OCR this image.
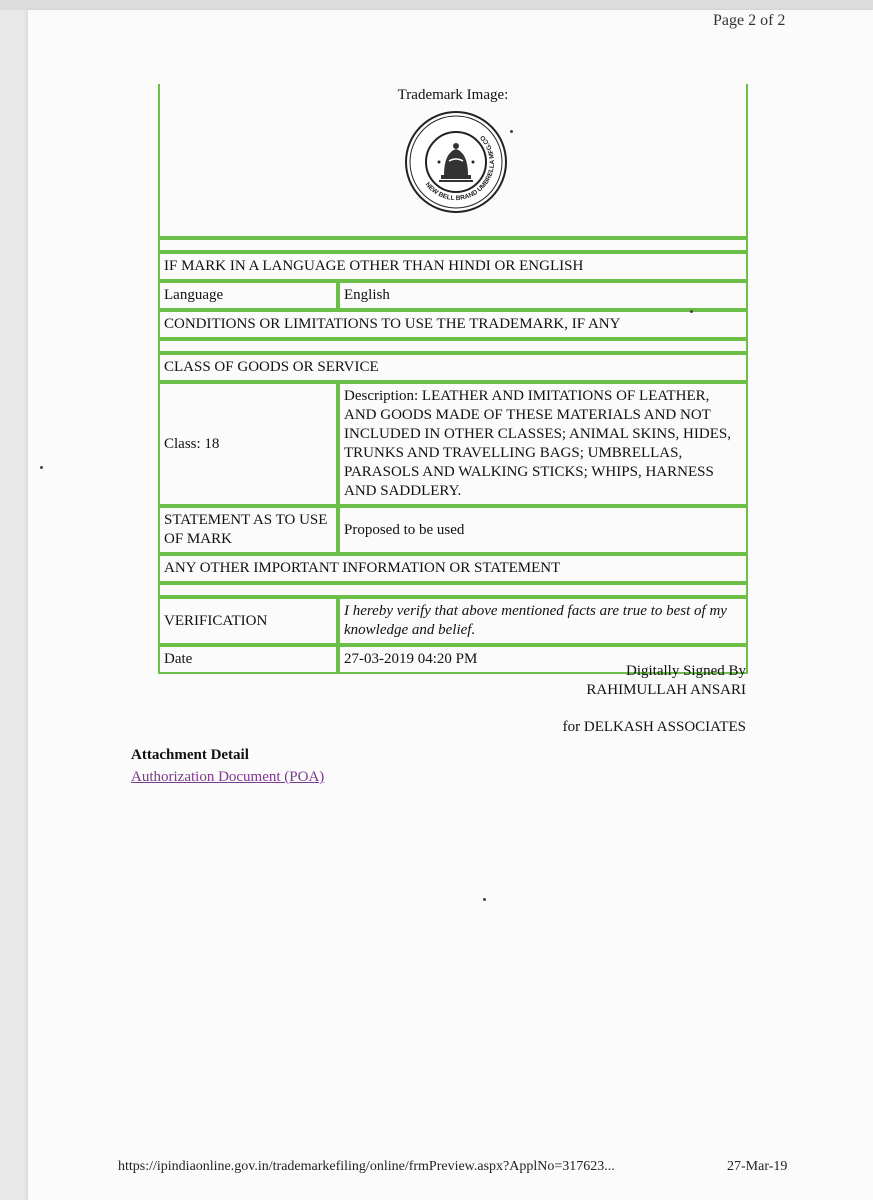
Page 2 of 2
Trademark Image:
NEW BELL BRAND UMBRELLA MFG.CO

IF MARK IN A LANGUAGE OTHER THAN HINDI OR ENGLISH	
Language	English
CONDITIONS OR LIMITATIONS TO USE THE TRADEMARK, IF ANY	

CLASS OF GOODS OR SERVICE	
Class: 18	Description: LEATHER AND IMITATIONS OF LEATHER, AND GOODS MADE OF THESE MATERIALS AND NOT INCLUDED IN OTHER CLASSES; ANIMAL SKINS, HIDES, TRUNKS AND TRAVELLING BAGS; UMBRELLAS, PARASOLS AND WALKING STICKS; WHIPS, HARNESS AND SADDLERY.
STATEMENT AS TO USE OF MARK	Proposed to be used
ANY OTHER IMPORTANT INFORMATION OR STATEMENT	

VERIFICATION	I hereby verify that above mentioned facts are true to best of my knowledge and belief.
Date	27-03-2019 04:20 PM
Digitally Signed By
RAHIMULLAH ANSARI
for DELKASH ASSOCIATES
Attachment Detail
Authorization Document (POA)
https://ipindiaonline.gov.in/trademarkefiling/online/frmPreview.aspx?ApplNo=317623...	27-Mar-19
